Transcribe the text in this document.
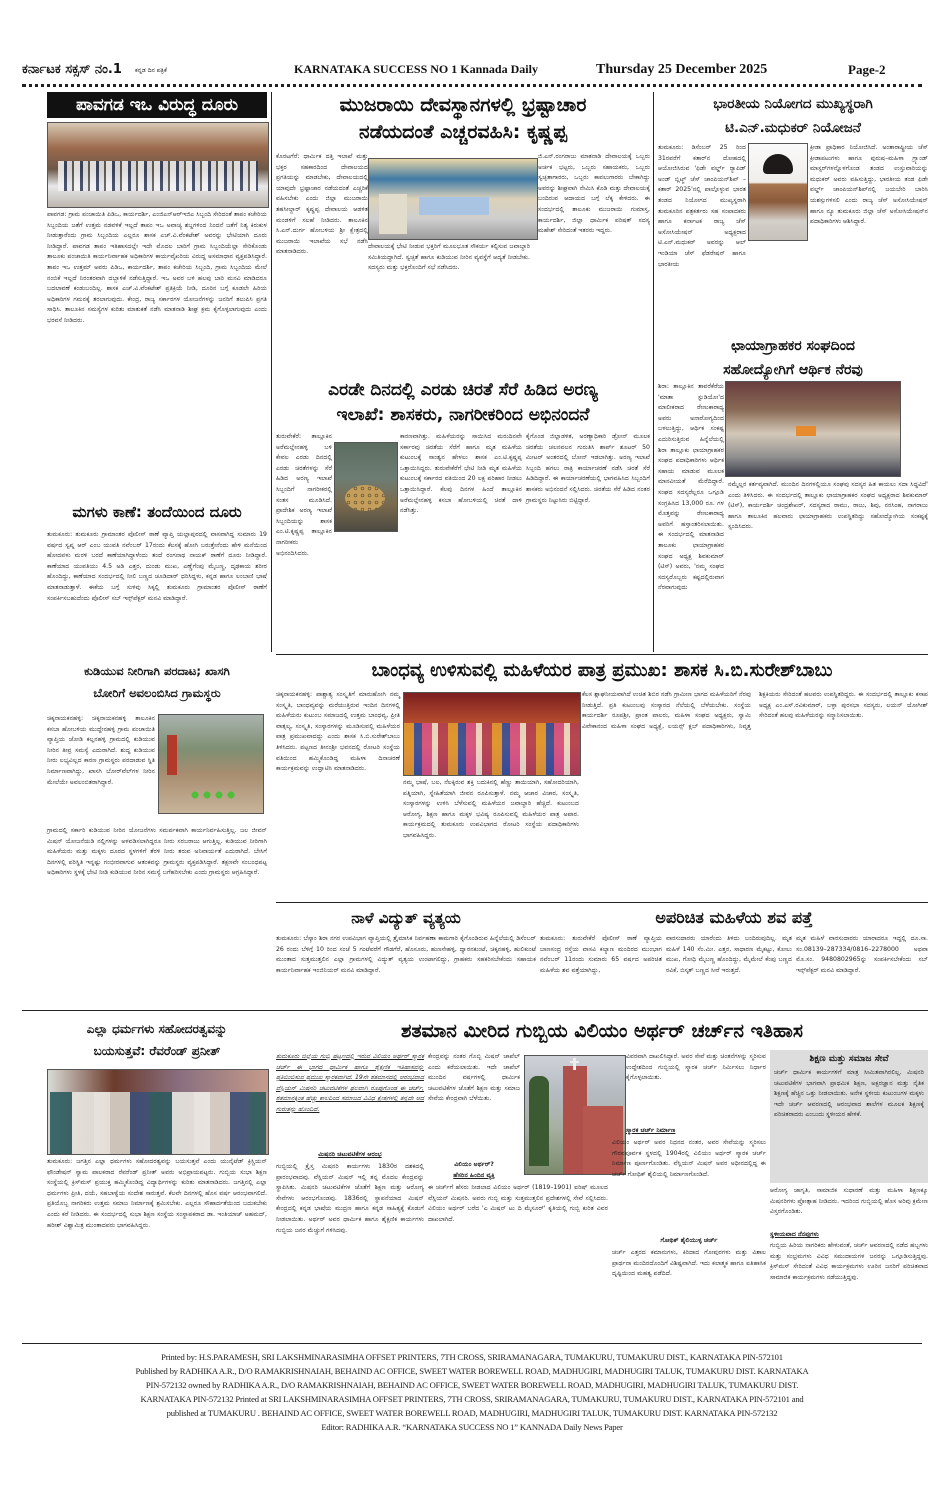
ಕರ್ನಾಟಕ ಸಕ್ಸಸ್ ನಂ.1 ಕನ್ನಡ ದಿನ ಪತ್ರಿಕೆ	KARNATAKA SUCCESS NO 1 Kannada Daily	Thursday 25 December 2025	Page-2
ಪಾವಗಡ ಇಒ ವಿರುದ್ಧ ದೂರು
ಪಾವಗಡ: ಗ್ರಾಮ ಪಂಚಾಯಿತಿ ಪಿಡಿಒ, ಕಾರ್ಯದರ್ಶಿ, ಎಂಜಿಎನ್‌ಆರ್‌ಇಜಿಎ ಸಿಬ್ಬಂದಿ ಸೇರಿದಂತೆ ತಾಪಂ ಕಚೇರಿಯ ಸಿಬ್ಬಂದಿಯ ಜತೆಗೆ ಉತ್ತಮ ನಡವಳಿಕೆ ಇಲ್ಲದೆ ತಾಪಂ ಇಒ ಅವಾಚ್ಯ ಶಬ್ದಗಳಿಂದ ನಿಂದನೆ ಜತೆಗೆ ನಿತ್ಯ ಕಿರುಕುಳ ನೀಡುತ್ತಾರೆಂದು ಗ್ರಾಮ ಸಿಬ್ಬಂದಿಯ ಎಲ್ಲರೂ ಶಾಸಕ ಎಚ್.ವಿ.ವೆಂಕಟೇಶ್ ಅವರನ್ನು ಭೇಟಿಯಾಗಿ ದೂರು ನೀಡಿದ್ದಾರೆ. ಪಾವಗಡ ತಾಪಂ ಇತಿಹಾಸದಲ್ಲೇ ಇದೇ ಮೊದಲ ಬಾರಿಗೆ ಗ್ರಾಮ ಸಿಬ್ಬಂದಿಯೆಲ್ಲಾ ಸೇರಿಕೊಂಡು ತಾಲೂಕು ಪಂಚಾಯಿತಿ ಕಾರ್ಯನಿರ್ವಾಹಕ ಅಧಿಕಾರಿಗಳ ಕಾರ್ಯವೈಖರಿಯ ವಿರುದ್ಧ ಅಸಮಾಧಾನ ವ್ಯಕ್ತಪಡಿಸಿದ್ದಾರೆ. ತಾಪಂ ಇಒ ಉತ್ತಮ್ ಅವರು ಪಿಡಿಒ, ಕಾರ್ಯದರ್ಶಿ, ತಾಪಂ ಕಚೇರಿಯ ಸಿಬ್ಬಂದಿ, ಗ್ರಾಮ ಸಿಬ್ಬಂದಿಯ ಮೇಲೆ ನಂಬಿಕೆ ಇಲ್ಲದೆ ನಿರಂತರವಾಗಿ ದಬ್ಬಾಳಿಕೆ ನಡೆಸುತ್ತಿದ್ದಾರೆ. ಇಒ ಅವರ ಬಳಿ ಹಲವು ಬಾರಿ ಮನವಿ ಮಾಡಿದರೂ ಬದಲಾವಣೆ ಕಂಡುಬಂದಿಲ್ಲ. ಶಾಸಕ ಎಚ್.ವಿ.ವೆಂಕಟೇಶ್ ಪ್ರತಿಕ್ರಿಯೆ ನೀಡಿ, ದೂರಿನ ಬಗ್ಗೆ ಕೂಡಲೇ ಹಿರಿಯ ಅಧಿಕಾರಿಗಳ ಗಮನಕ್ಕೆ ತರಲಾಗುವುದು. ಕೇಂದ್ರ, ರಾಜ್ಯ ಸರ್ಕಾರಗಳ ಯೋಜನೆಗಳನ್ನು ಜನರಿಗೆ ತಲುಪಿಸಿ ಪ್ರಗತಿ ಸಾಧಿಸಿ. ತಾಲೂಕಿನ ಸಮಸ್ಯೆಗಳ ಕುರಿತು ಮಾತುಕತೆ ನಡೆಸಿ ಮಾತನಾಡಿ ಶೀಘ್ರ ಕ್ರಮ ಕೈಗೊಳ್ಳಲಾಗುವುದು ಎಂದು ಭರವಸೆ ನೀಡಿದರು.
ಮಗಳು ಕಾಣೆ: ತಂದೆಯಿಂದ ದೂರು
ತುಮಕೂರು: ತುಮಕೂರು ಗ್ರಾಮಾಂತರ ಪೊಲೀಸ್ ಠಾಣೆ ವ್ಯಾಪ್ತಿ ಯಲ್ಲಾಪುರದಲ್ಲಿ ವಾಸವಾಗಿದ್ದ ಸುಮಾರು 19 ವರ್ಷದ ಸ್ವಪ್ನ ಆರ್ ಎಂಬ ಯುವತಿ ನವೆಂಬರ್ 17ರಂದು ಕೆಲಸಕ್ಕೆ ಹೋಗಿ ಬರುತ್ತೇನೆಂದು ಹೇಳಿ ಮನೆಯಿಂದ ಹೋದವಳು ಮರಳಿ ಬರದೆ ಕಾಣೆಯಾಗಿದ್ದಾಳೆಂದು ತಂದೆ ರಂಗನಾಥ ನಾಯಕ್ ಠಾಣೆಗೆ ದೂರು ನೀಡಿದ್ದಾರೆ. ಕಾಣೆಯಾದ ಯುವತಿಯು 4.5 ಅಡಿ ಎತ್ತರ, ದುಂಡು ಮುಖ, ಎಣ್ಣೆಗೆಂಪು ಮೈಬಣ್ಣ, ದೃಢಕಾಯ ಶರೀರ ಹೊಂದಿದ್ದು, ಕಾಣೆಯಾದ ಸಂದರ್ಭದಲ್ಲಿ ನೀಲಿ ಬಣ್ಣದ ಚೂಡಿದಾರ್ ಧರಿಸಿದ್ದಳು, ಕನ್ನಡ ಹಾಗೂ ಲಂಬಾಣಿ ಭಾಷೆ ಮಾತನಾಡುತ್ತಾಳೆ. ಈಕೆಯ ಬಗ್ಗೆ ಸುಳಿವು ಸಿಕ್ಕಲ್ಲಿ ತುಮಕೂರು ಗ್ರಾಮಾಂತರ ಪೊಲೀಸ್ ಠಾಣೆಗೆ ಸಂಪರ್ಕಿಸಬಹುದೆಂದು ಪೊಲೀಸ್ ಸಬ್ ಇನ್ಸ್‌ಪೆಕ್ಟರ್ ಮನವಿ ಮಾಡಿದ್ದಾರೆ.
ಕುಡಿಯುವ ನೀರಿಗಾಗಿ ಪರದಾಟ; ಖಾಸಗಿ
ಬೋರಿಗೆ ಅವಲಂಬಿಸಿದ ಗ್ರಾಮಸ್ಥರು
ಚಿಕ್ಕನಾಯಕನಹಳ್ಳಿ: ಚಿಕ್ಕನಾಯಕನಹಳ್ಳಿ ತಾಲೂಕಿನ ಕಸಬಾ ಹೋಬಳಿಯ ಮುದ್ದೇನಹಳ್ಳಿ ಗ್ರಾಮ ಪಂಚಾಯಿತಿ ವ್ಯಾಪ್ತಿಯ ಜೋಡಿ ಕಲ್ಲನಹಳ್ಳಿ ಗ್ರಾಮದಲ್ಲಿ ಕುಡಿಯುವ ನೀರಿನ ತೀವ್ರ ಸಮಸ್ಯೆ ಎದುರಾಗಿದೆ. ಶುದ್ಧ ಕುಡಿಯುವ ನೀರು ಲಭ್ಯವಿಲ್ಲದ ಕಾರಣ ಗ್ರಾಮಸ್ಥರು ಪರದಾಡುವ ಸ್ಥಿತಿ ನಿರ್ಮಾಣವಾಗಿದ್ದು, ಖಾಸಗಿ ಬೋರ್‌ವೆಲ್‌ಗಳ ನೀರಿನ ಮೇಲೆಯೇ ಅವಲಂಬಿತರಾಗಿದ್ದಾರೆ.
ಗ್ರಾಮದಲ್ಲಿ ಸರ್ಕಾರಿ ಕುಡಿಯುವ ನೀರಿನ ಯೋಜನೆಗಳು ಸಮರ್ಪಕವಾಗಿ ಕಾರ್ಯನಿರ್ವಹಿಸುತ್ತಿಲ್ಲ. ಜಲ ಜೀವನ್ ಮಿಷನ್ ಯೋಜನೆಯಡಿ ನಲ್ಲಿಗಳನ್ನು ಅಳವಡಿಸಲಾಗಿದ್ದರೂ ನೀರು ಸರಬರಾಜು ಆಗುತ್ತಿಲ್ಲ. ಕುಡಿಯುವ ನೀರಿಗಾಗಿ ಮಹಿಳೆಯರು ಮತ್ತು ಮಕ್ಕಳು ದೂರದ ಸ್ಥಳಗಳಿಗೆ ತೆರಳಿ ನೀರು ತರುವ ಅನಿವಾರ್ಯತೆ ಎದುರಾಗಿದೆ. ಬೇಸಿಗೆ ದಿನಗಳಲ್ಲಿ ಪರಿಸ್ಥಿತಿ ಇನ್ನಷ್ಟು ಗಂಭೀರವಾಗುವ ಆತಂಕವನ್ನು ಗ್ರಾಮಸ್ಥರು ವ್ಯಕ್ತಪಡಿಸಿದ್ದಾರೆ. ತಕ್ಷಣವೇ ಸಂಬಂಧಪಟ್ಟ ಅಧಿಕಾರಿಗಳು ಸ್ಥಳಕ್ಕೆ ಭೇಟಿ ನೀಡಿ ಕುಡಿಯುವ ನೀರಿನ ಸಮಸ್ಯೆ ಬಗೆಹರಿಸಬೇಕು ಎಂದು ಗ್ರಾಮಸ್ಥರು ಆಗ್ರಹಿಸಿದ್ದಾರೆ.
ಎಲ್ಲಾ ಧರ್ಮಗಳು ಸಹೋದರತ್ವವನ್ನು
ಬಯಸುತ್ತವೆ: ರೆವರೆಂಡ್ ಪ್ರನೀತ್
ತುಮಕೂರು: ಜಗತ್ತಿನ ಎಲ್ಲಾ ಧರ್ಮಗಳು ಸಹೋದರತ್ವವನ್ನು ಬಯಸುತ್ತವೆ ಎಂದು ಯುನೈಟೆಡ್ ಕ್ರಿಸ್ಚಿಯನ್ ಫೌಂಡೇಷನ್ ಸ್ವಾಮ ಪಾಲಕರಾದ ರೆವರೆಂಡ್ ಪ್ರನೀತ್ ಅವರು ಅಭಿಪ್ರಾಯಪಟ್ಟರು. ಗುಬ್ಬಿಯ ಸುಭಾ ಶಿಕ್ಷಣ ಸಂಸ್ಥೆಯಲ್ಲಿ ಕ್ರಿಸ್‌ಮಸ್ ಪ್ರಯುಕ್ತ ಹಮ್ಮಿಕೊಂಡಿದ್ದ ವಿದ್ಯಾರ್ಥಿಗಳನ್ನು ಕುರಿತು ಮಾತನಾಡಿದರು. ಜಗತ್ತಿನಲ್ಲಿ ಎಲ್ಲಾ ಧರ್ಮಗಳು ಪ್ರೀತಿ, ದಯೆ, ಸಹಬಾಳ್ವೆಯ ಸಂದೇಶ ಸಾರುತ್ತವೆ. ಕೆಲವೇ ದಿನಗಳಲ್ಲಿ ಹೊಸ ವರ್ಷ ಆರಂಭವಾಗಲಿದೆ. ಪ್ರತಿಯೊಬ್ಬ ನಾಗರಿಕರು ಉತ್ತಮ ಸಮಾಜ ನಿರ್ಮಾಣಕ್ಕೆ ಶ್ರಮಿಸಬೇಕು. ಎಲ್ಲರೂ ಸೌಹಾರ್ದತೆಯಿಂದ ಬದುಕಬೇಕು ಎಂದು ಕರೆ ನೀಡಿದರು. ಈ ಸಂದರ್ಭದಲ್ಲಿ ಸುಭಾ ಶಿಕ್ಷಣ ಸಂಸ್ಥೆಯ ಸಂಸ್ಥಾಪಕರಾದ ಡಾ. ಇಂತಿಯಾಜ್ ಅಹಮದ್, ಹರೀಶ್ ವಿಶ್ವಾಮಿತ್ರ ಮುಂತಾದವರು ಭಾಗವಹಿಸಿದ್ದರು.
ಮುಜರಾಯಿ ದೇವಸ್ಥಾನಗಳಲ್ಲಿ ಭ್ರಷ್ಟಾಚಾರ
ನಡೆಯದಂತೆ ಎಚ್ಚರವಹಿಸಿ: ಕೃಷ್ಣಪ್ಪ
ಕೊರಟಗೆರೆ: ಧಾರ್ಮಿಕ ದತ್ತಿ ಇಲಾಖೆ ಮತ್ತು ಭಕ್ತರ ಸಹಕಾರದಿಂದ ದೇವಾಲಯದ ಪ್ರಗತಿಯನ್ನು ಮಾಡಬೇಕು, ದೇವಾಲಯದಲ್ಲಿ ಯಾವುದೇ ಭ್ರಷ್ಟಾಚಾರ ನಡೆಯದಂತೆ ಎಚ್ಚರಿಕೆ ವಹಿಸಬೇಕು ಎಂದು ಜಿಲ್ಲಾ ಮುಜರಾಯಿ ತಹಸೀಲ್ದಾರ್ ಕೃಷ್ಣಪ್ಪ ದೇವಾಲಯ ಆಡಳಿತ ಮಂಡಳಿಗೆ ಸಲಹೆ ನೀಡಿದರು. ತಾಲೂಕಿನ ಸಿ.ಎನ್.ದುರ್ಗ ಹೋಬಳಿಯ ಶ್ರೀ ಕ್ಷೇತ್ರದಲ್ಲಿ ಮುಜರಾಯಿ ಇಲಾಖೆಯ ಸಭೆ ನಡೆಸಿ ಮಾತನಾಡಿದರು.
ದೇವಾಲಯಕ್ಕೆ ಭೇಟಿ ನೀಡುವ ಭಕ್ತರಿಗೆ ಮೂಲಭೂತ ಸೌಕರ್ಯ ಕಲ್ಪಿಸುವ ಜವಾಬ್ದಾರಿ ಸಮಿತಿಯದ್ದಾಗಿದೆ. ಸ್ವಚ್ಛತೆ ಹಾಗೂ ಕುಡಿಯುವ ನೀರಿನ ವ್ಯವಸ್ಥೆಗೆ ಆದ್ಯತೆ ನೀಡಬೇಕು. ಸದಸ್ಯರು ಮತ್ತು ಭಕ್ತರೊಂದಿಗೆ ಸಭೆ ನಡೆಸಿದರು.
ಜಿ.ಎನ್.ರಂಗರಾಜು ಮಾತನಾಡಿ ದೇವಾಲಯಕ್ಕೆ ಒಬ್ಬರು ಅರ್ಚಕ ಭಟ್ಟರು, ಒಬ್ಬರು ಸಹಾಯಕರು, ಒಬ್ಬರು ಸ್ವಚ್ಛತಾಗಾರರು, ಒಬ್ಬರು ಕಾವಲುಗಾರರು ಬೇಕಾಗಿದ್ದು ಅವರನ್ನು ಶೀಘ್ರವಾಗಿ ನೇಮಿಸಿ ಕೊಡಿ ಮತ್ತು ದೇವಾಲಯಕ್ಕೆ ಬಂದಿರುವ ಆದಾಯದ ಬಗ್ಗೆ ಲೆಕ್ಕ ಕೇಳಿದರು. ಈ ಸಂದರ್ಭದಲ್ಲಿ ತಾಲೂಕು ಮುಜರಾಯಿ ಗುಮಾಸ್ತ, ಕಾರ್ಯದರ್ಶಿ, ಜಿಲ್ಲಾ ಧಾರ್ಮಿಕ ಪರಿಷತ್ ಸದಸ್ಯ ಮಹೇಶ್ ಸೇರಿದಂತೆ ಇತರರು ಇದ್ದರು.
ಎರಡೇ ದಿನದಲ್ಲಿ ಎರಡು ಚಿರತೆ ಸೆರೆ ಹಿಡಿದ ಅರಣ್ಯ
ಇಲಾಖೆ: ಶಾಸಕರು, ನಾಗರೀಕರಿಂದ ಅಭಿನಂದನೆ
ತುರುವೇಕೆರೆ: ತಾಲ್ಲೂಕಿನ ಅರೆಮಲ್ಲೇನಹಳ್ಳಿ ಬಳಿ ಕೇವಲ ಎರಡು ದಿನದಲ್ಲಿ ಎರಡು ಚಿರತೆಗಳನ್ನು ಸೆರೆ ಹಿಡಿದ ಅರಣ್ಯ ಇಲಾಖೆ ಸಿಬ್ಬಂದಿಗೆ ನಾಗರೀಕರಲ್ಲಿ ಸಂತಸ ಮೂಡಿಸಿದೆ. ಪ್ರಾದೇಶಿಕ ಅರಣ್ಯ ಇಲಾಖೆ ಸಿಬ್ಬಂದಿಯನ್ನು ಶಾಸಕ ಎಂ.ಟಿ.ಕೃಷ್ಣಪ್ಪ ತಾಲ್ಲೂಕಿನ ನಾಗರೀಕರು ಅಭಿನಂದಿಸಿದರು.
ಕಾರಣವಾಗಿತ್ತು. ಮಹಿಳೆಯರನ್ನು ಸಾಯಿಸಿದ ಮರುದಿನವೇ ಸರ್ಕಾರವು ಚಿರತೆಯ ಸೆರೆಗೆ ಹಾಗೂ ಮೃತ ಮಹಿಳೆಯ ಕುಟುಂಬಕ್ಕೆ ಸಾಂತ್ವನ ಹೇಳಲು ಶಾಸಕ ಎಂ.ಟಿ.ಕೃಷ್ಣಪ್ಪ ಒತ್ತಾಯಿಸಿದ್ದರು. ತುರುವೇಕೆರೆಗೆ ಭೇಟಿ ನೀಡಿ ಮೃತ ಮಹಿಳೆಯ ಕುಟುಂಬಕ್ಕೆ ಸರ್ಕಾರದ ವತಿಯಿಂದ 20 ಲಕ್ಷ ಪರಿಹಾರ ನೀಡಲು ಒತ್ತಾಯಿಸಿದ್ದಾರೆ. ಕೆಲವು ದಿನಗಳ ಹಿಂದೆ ತಾಲ್ಲೂಕಿನ ಅರೆಮಲ್ಲೇನಹಳ್ಳಿ ಕಸಬಾ ಹೋಬಳಿಯಲ್ಲಿ ಚಿರತೆ ದಾಳಿ ನಡೆಸಿತ್ತು.
ಕೈಗೊಂಡ ಜಿಲ್ಲಾಡಳಿತ, ಅರಣ್ಯಾಧಿಕಾರಿ ಡ್ರೋನ್ ಮೂಲಕ ಚಿರತೆಯ ಚಲನವಲನ ಗುರುತಿಸಿ ಶಾರ್ಪ್ ಶೂಟರ್ 50 ಮೀಟರ್ ಅಂತರದಲ್ಲಿ ಬೋನ್ ಇಡಲಾಗಿತ್ತು. ಅರಣ್ಯ ಇಲಾಖೆ ಸಿಬ್ಬಂದಿ ಹಗಲು ರಾತ್ರಿ ಕಾರ್ಯಾಚರಣೆ ನಡೆಸಿ ಚಿರತೆ ಸೆರೆ ಹಿಡಿದಿದ್ದಾರೆ. ಈ ಕಾರ್ಯಾಚರಣೆಯಲ್ಲಿ ಭಾಗವಹಿಸಿದ ಸಿಬ್ಬಂದಿಗೆ ಶಾಸಕರು ಅಭಿನಂದನೆ ಸಲ್ಲಿಸಿದರು. ಚಿರತೆಯ ಸೆರೆ ಹಿಡಿದ ನಂತರ ಗ್ರಾಮಸ್ಥರು ನಿಟ್ಟುಸಿರು ಬಿಟ್ಟಿದ್ದಾರೆ.
ಭಾರತೀಯ ನಿಯೋಗದ ಮುಖ್ಯಸ್ಥರಾಗಿ
ಟಿ.ಎನ್.ಮಧುಕರ್ ನಿಯೋಜನೆ
ತುಮಕೂರು: ಡಿಸೆಂಬರ್ 25 ರಿಂದ 31ರವರೆಗೆ ಕತಾರ್‌ನ ದೋಹದಲ್ಲಿ ಆಯೋಜಿಸಿರುವ 'ಫಿಡೇ ವರ್ಲ್ಡ್ ರ್‍ಯಾಪಿಡ್ ಅಂಡ್ ಬ್ಲಿಟ್ಜ್ ಚೆಸ್ ಚಾಂಪಿಯನ್‌ಶಿಪ್ – ಕತಾರ್ 2025'ನಲ್ಲಿ ಪಾಲ್ಗೊಳ್ಳುವ ಭಾರತ ತಂಡದ ನಿಯೋಗದ ಮುಖ್ಯಸ್ಥರಾಗಿ ತುಮಕೂರಿನ ಪತ್ರಕರ್ತರು ಸಹ ಸಂಪಾದಕರು ಹಾಗೂ ಕರ್ನಾಟಕ ರಾಜ್ಯ ಚೆಸ್ ಅಸೋಸಿಯೇಷನ್ ಅಧ್ಯಕ್ಷರಾದ ಟಿ.ಎನ್.ಮಧುಕರ್ ಅವರನ್ನು ಆಲ್ ಇಂಡಿಯಾ ಚೆಸ್ ಫೆಡರೇಷನ್ ಹಾಗೂ ಭಾರತೀಯ
ಕ್ರೀಡಾ ಪ್ರಾಧಿಕಾರ ನಿಯೋಜಿಸಿದೆ. ಅಂತಾರಾಷ್ಟ್ರೀಯ ಚೆಸ್ ಕ್ರೀಡಾಪಟುಗಳು ಹಾಗೂ ಪುರುಷ–ಮಹಿಳಾ ಗ್ರ್ಯಾಂಡ್ ಮಾಸ್ಟರ್‌ಗಳನ್ನೊಳಗೊಂಡ ತಂಡದ ಉಸ್ತುವಾರಿಯನ್ನು ಮಧುಕರ್ ಅವರು ವಹಿಸುತ್ತಿದ್ದು, ಭಾರತೀಯ ತಂಡ ಫಿಡೇ ವರ್ಲ್ಡ್ ಚಾಂಪಿಯನ್‌ಶಿಪ್‌ನಲ್ಲಿ ಜಯಬೇರಿ ಬಾರಿಸಿ ಯಶಸ್ಸುಗಳಿಸಲಿ ಎಂದು ರಾಜ್ಯ ಚೆಸ್ ಅಸೋಸಿಯೇಷನ್ ಹಾಗೂ ನ್ಯೂ ತುಮಕೂರು ಜಿಲ್ಲಾ ಚೆಸ್ ಅಸೋಸಿಯೇಷನ್‌ನ ಪದಾಧಿಕಾರಿಗಳು ಆಶಿಸಿದ್ದಾರೆ.
ಛಾಯಾಗ್ರಾಹಕರ ಸಂಘದಿಂದ
ಸಹೋದ್ಯೋಗಿಗೆ ಆರ್ಥಿಕ ನೆರವು
ಶಿರಾ: ತಾಲ್ಲೂಕಿನ ತಾವರೆಕೆರೆಯ 'ಮಾತಾ ಸ್ಟುಡಿಯೋ'ದ ಮಾಲೀಕರಾದ ರೇಣುಕಾರಾಧ್ಯ ಅವರು ಅನಾರೋಗ್ಯದಿಂದ ಬಳಲುತ್ತಿದ್ದು, ಆರ್ಥಿಕ ಸಂಕಷ್ಟ ಎದುರಿಸುತ್ತಿರುವ ಹಿನ್ನೆಲೆಯಲ್ಲಿ ಶಿರಾ ತಾಲ್ಲೂಕು ಛಾಯಾಗ್ರಾಹಕರ ಸಂಘದ ಪದಾಧಿಕಾರಿಗಳು ಆರ್ಥಿಕ ಸಹಾಯ ಮಾಡುವ ಮೂಲಕ ಮಾನವೀಯತೆ ಮೆರೆದಿದ್ದಾರೆ. ಸಂಘದ ಸದಸ್ಯರೆಲ್ಲರೂ ಒಗ್ಗೂಡಿ ಸಂಗ್ರಹಿಸಿದ 13,000 ರೂ. ಗಳ ಮೊತ್ತವನ್ನು ರೇಣುಕಾರಾಧ್ಯ ಅವರಿಗೆ ಹಸ್ತಾಂತರಿಸಲಾಯಿತು. ಈ ಸಂದರ್ಭದಲ್ಲಿ ಮಾತನಾಡಿದ ತಾಲೂಕು ಛಾಯಾಗ್ರಾಹಕರ ಸಂಘದ ಅಧ್ಯಕ್ಷ ಶಿವಕುಮಾರ್ (ಟಿಸ್) ಅವರು, 'ನಮ್ಮ ಸಂಘದ ಸದಸ್ಯರೊಬ್ಬರು ಕಷ್ಟದಲ್ಲಿರುವಾಗ ನೆರವಾಗುವುದು
ನಮ್ಮೆಲ್ಲರ ಕರ್ತವ್ಯವಾಗಿದೆ. ಮುಂದಿನ ದಿನಗಳಲ್ಲಿಯೂ ಸಂಘವು ಸದಸ್ಯರ ಹಿತ ಕಾಯಲು ಸದಾ ಸಿದ್ಧವಿದೆ' ಎಂದು ತಿಳಿಸಿದರು. ಈ ಸಂದರ್ಭದಲ್ಲಿ ತಾಲ್ಲೂಕು ಛಾಯಾಗ್ರಾಹಕರ ಸಂಘದ ಅಧ್ಯಕ್ಷರಾದ ಶಿವಕುಮಾರ್ (ಟಿಸ್), ಕಾರ್ಯದರ್ಶಿ ಚಂದ್ರಶೇಖರ್, ಸದಸ್ಯರಾದ ರಾಮು, ರಾಜು, ಶಿವು, ನರಸಿಂಹ, ನಾಗರಾಜು ಹಾಗೂ ತಾಲೂಕಿನ ಹಲವಾರು ಛಾಯಾಗ್ರಾಹಕರು ಉಪಸ್ಥಿತರಿದ್ದು ಸಹೋದ್ಯೋಗಿಯ ಸಂಕಷ್ಟಕ್ಕೆ ಸ್ಪಂದಿಸಿದರು.
ಬಾಂಧವ್ಯ ಉಳಿಸುವಲ್ಲಿ ಮಹಿಳೆಯರ ಪಾತ್ರ ಪ್ರಮುಖ: ಶಾಸಕ ಸಿ.ಬಿ.ಸುರೇಶ್‌ಬಾಬು
ಚಿಕ್ಕನಾಯಕನಹಳ್ಳಿ: ಪಾಶ್ಚಾತ್ಯ ಸಂಸ್ಕೃತಿಗೆ ಮಾರುಹೋಗಿ ನಮ್ಮ ಸಂಸ್ಕೃತಿ, ಬಾಂಧವ್ಯವನ್ನು ಮರೆಯುತ್ತಿರುವ ಇಂದಿನ ದಿನಗಳಲ್ಲಿ ಮಹಿಳೆಯರು ಕುಟುಂಬ ಸಮಾಜದಲ್ಲಿ ಉತ್ತಮ ಬಾಂಧವ್ಯ, ಪ್ರೀತಿ ವಾತ್ಸಲ್ಯ, ಸಂಸ್ಕೃತಿ, ಸಂಸ್ಕಾರಗಳನ್ನು ಮೂಡಿಸುವಲ್ಲಿ ಮಹಿಳೆಯರ ಪಾತ್ರ ಪ್ರಮುಖವಾದದ್ದು ಎಂದು ಶಾಸಕ ಸಿ.ಬಿ.ಸುರೇಶ್‌ಬಾಬು ತಿಳಿಸಿದರು. ಪಟ್ಟಣದ ತೀನಂಶ್ರೀ ಭವನದಲ್ಲಿ ರೋಟರಿ ಸಂಸ್ಥೆಯ ವತಿಯಿಂದ ಹಮ್ಮಿಕೊಂಡಿದ್ದ ಮಹಿಳಾ ದಿನಾಚರಣೆ ಕಾರ್ಯಕ್ರಮವನ್ನು ಉದ್ಘಾಟಿಸಿ ಮಾತನಾಡಿದರು.
ನಮ್ಮ ಭಾಷೆ, ಬಲ, ನೆಲಕ್ಕಿರುವ ಶಕ್ತಿ ಬದುಕಿನಲ್ಲಿ ಹೆಣ್ಣು ತಾಯಿಯಾಗಿ, ಸಹೋದರಿಯಾಗಿ, ಪತ್ನಿಯಾಗಿ, ಸ್ನೇಹಿತೆಯಾಗಿ ಜೀವನ ರೂಪಿಸುತ್ತಾಳೆ. ನಮ್ಮ ಆಚಾರ ವಿಚಾರ, ಸಂಸ್ಕೃತಿ, ಸಂಸ್ಕಾರಗಳನ್ನು ಉಳಿಸಿ ಬೆಳೆಸುವಲ್ಲಿ ಮಹಿಳೆಯರ ಜವಾಬ್ದಾರಿ ಹೆಚ್ಚಿದೆ. ಕುಟುಂಬದ ಆರೋಗ್ಯ, ಶಿಕ್ಷಣ ಹಾಗೂ ಮಕ್ಕಳ ಭವಿಷ್ಯ ರೂಪಿಸುವಲ್ಲಿ ಮಹಿಳೆಯರ ಪಾತ್ರ ಅಪಾರ. ಕಾರ್ಯಕ್ರಮದಲ್ಲಿ ತುಮಕೂರು ಉಪವಿಭಾಗದ ರೋಟರಿ ಸಂಸ್ಥೆಯ ಪದಾಧಿಕಾರಿಗಳು ಭಾಗವಹಿಸಿದ್ದರು.
ಕೆಲಸ ಶ್ಲಾಘನೀಯವಾಗಿದೆ ಉಚಿತ ಶಿಬಿರ ನಡೆಸಿ ಗ್ರಾಮೀಣ ಭಾಗದ ಮಹಿಳೆಯರಿಗೆ ನೆರವು ನೀಡುತ್ತಿದೆ. ಪ್ರತಿ ಕುಟುಂಬವು ಸಂಸ್ಕಾರದ ನೆಲೆಯಲ್ಲಿ ಬೆಳೆಯಬೇಕು. ಸಂಸ್ಥೆಯ ಕಾರ್ಯದರ್ಶಿ ರೂಪಶ್ರೀ, ಪ್ರಾಂತ ಪಾಲರು, ಮಹಿಳಾ ಸಂಘದ ಅಧ್ಯಕ್ಷರು, ಸ್ವಾಮಿ ವಿವೇಕಾನಂದ ಮಹಿಳಾ ಸಂಘದ ಅಧ್ಯಕ್ಷೆ, ಲಯನ್ಸ್ ಕ್ಲಬ್ ಪದಾಧಿಕಾರಿಗಳು, ನಿವೃತ್ತ ಶಿಕ್ಷಕಿಯರು ಸೇರಿದಂತೆ ಹಲವರು ಉಪಸ್ಥಿತರಿದ್ದರು. ಈ ಸಂದರ್ಭದಲ್ಲಿ ತಾಲ್ಲೂಕು ಕಸಾಪ ಅಧ್ಯಕ್ಷ ಎಂ.ಎಸ್.ರವಿಕುಮಾರ್, ಬಳ್ಳಾ ಪುರಸಭಾ ಸದಸ್ಯರು, ಲಯನ್ ಯೋಗೀಶ್ ಸೇರಿದಂತೆ ಹಲವು ಮಹಿಳೆಯರನ್ನು ಸನ್ಮಾನಿಸಲಾಯಿತು.
ನಾಳೆ ವಿದ್ಯುತ್ ವ್ಯತ್ಯಯ
ತುಮಕೂರು: ಬೆಸ್ಕಾಂ ಶಿರಾ ನಗರ ಉಪವಿಭಾಗ ವ್ಯಾಪ್ತಿಯಲ್ಲಿ ತ್ರೈಮಾಸಿಕ ನಿರ್ವಹಣಾ ಕಾಮಗಾರಿ ಕೈಗೊಂಡಿರುವ ಹಿನ್ನೆಲೆಯಲ್ಲಿ ಡಿಸೆಂಬರ್ 26 ರಂದು ಬೆಳಿಗ್ಗೆ 10 ರಿಂದ ಸಂಜೆ 5 ಗಂಟೆವರೆಗೆ ಗೌಡಗೆರೆ, ಹೊಸೂರು, ಹುಣಸೇಹಳ್ಳಿ, ದ್ವಾರನಕುಂಟೆ, ಚಿಕ್ಕನಹಳ್ಳಿ, ಹುಲಿಕುಂಟೆ ಮುಂತಾದ ಸುತ್ತಮುತ್ತಲಿನ ಎಲ್ಲಾ ಗ್ರಾಮಗಳಲ್ಲಿ ವಿದ್ಯುತ್ ವ್ಯತ್ಯಯ ಉಂಟಾಗಲಿದ್ದು, ಗ್ರಾಹಕರು ಸಹಕರಿಸಬೇಕೆಂದು ಸಹಾಯಕ ಕಾರ್ಯನಿರ್ವಾಹಕ ಇಂಜಿನಿಯರ್ ಮನವಿ ಮಾಡಿದ್ದಾರೆ.
ಅಪರಿಚಿತ ಮಹಿಳೆಯ ಶವ ಪತ್ತೆ
ತುಮಕೂರು: ತುರುವೇಕೆರೆ ಪೊಲೀಸ್ ಠಾಣೆ ವ್ಯಾಪ್ತಿಯ ಬಾಣಸಂದ್ರ ರಸ್ತೆಯ ವಾಸವಿ ಕಲ್ಯಾಣ ಮಂದಿರದ ಮುಂಭಾಗ ನವೆಂಬರ್ 11ರಂದು ಸುಮಾರು 65 ವರ್ಷದ ಅಪರಿಚಿತ ಮಹಿಳೆಯ ಶವ ಪತ್ತೆಯಾಗಿದ್ದು,
ವಾರಸುದಾರರು ಯಾರೆಂದು ತಿಳಿದು ಬಂದಿರುವುದಿಲ್ಲ. ಮೃತ ಮಹಿಳೆ 140 ಸೆಂ.ಮೀ. ಎತ್ತರ, ಸಾಧಾರಣ ಮೈಕಟ್ಟು, ಕೋಲು ಮುಖ, ಗೋಧಿ ಮೈಬಣ್ಣ ಹೊಂದಿದ್ದು, ಮೈಮೇಲೆ ಕೆಂಪು ಬಣ್ಣದ ರವಿಕೆ, ಬಿಸ್ಕತ್ ಬಣ್ಣದ ಸೀರೆ ಇರುತ್ತದೆ.
ಮೃತ ಮಹಿಳೆ ವಾರಸುದಾರರು ಯಾರಾದರೂ ಇದ್ದಲ್ಲಿ ದೂ.ಸಾ. ಸಂ.08139–287334/0816–2278000 ಅಥವಾ ಮೊ.ಸಂ. 9480802965ನ್ನು ಸಂಪರ್ಕಿಸಬೇಕೆಂದು ಸಬ್ ಇನ್ಸ್‌ಪೆಕ್ಟರ್ ಮನವಿ ಮಾಡಿದ್ದಾರೆ.
ಶತಮಾನ ಮೀರಿದ ಗುಬ್ಬಿಯ ವಿಲಿಯಂ ಅರ್ಥರ್ ಚರ್ಚ್‌ನ ಇತಿಹಾಸ
ತುಮಕೂರು ಜಿಲ್ಲೆಯ ಗುಬ್ಬಿ ಪಟ್ಟಣದಲ್ಲಿ ಇರುವ ವಿಲಿಯಂ ಅರ್ಥರ್ ಸ್ಮಾರಕ ಚರ್ಚ್ ಈ ಭಾಗದ ಧಾರ್ಮಿಕ ಹಾಗೂ ಶೈಕ್ಷಣಿಕ ಇತಿಹಾಸವನ್ನು ಪ್ರತಿಬಿಂಬಿಸುವ ಪ್ರಮುಖ ಸ್ಮಾರಕವಾಗಿದೆ. 19ನೇ ಶತಮಾನದಲ್ಲಿ ಆರಂಭವಾದ ವೆಸ್ಲಿಯನ್ ಮಿಷನರಿ ಚಟುವಟಿಕೆಗಳ ಫಲವಾಗಿ ರೂಪುಗೊಂಡ ಈ ಚರ್ಚ್, ಶತಮಾನಕ್ಕಿಂತ ಹೆಚ್ಚು ಕಾಲದಿಂದ ಸಮಾಜದ ವಿವಿಧ ಕ್ಷೇತ್ರಗಳಲ್ಲಿ ತನ್ನದೇ ಆದ ಗುರುತನ್ನು ಹೊಂದಿದೆ.
ಮಿಷನರಿ ಚಟುವಟಿಕೆಗಳ ಆರಂಭ
ಗುಬ್ಬಿಯಲ್ಲಿ ಕ್ರೈಸ್ತ ಮಿಷನರಿ ಕಾರ್ಯಗಳು 1830ರ ದಶಕದಲ್ಲಿ ಪ್ರಾರಂಭವಾದವು. ವೆಸ್ಲಿಯನ್ ಮಿಷನ್ ಇಲ್ಲಿ ತನ್ನ ಮೊದಲ ಕೇಂದ್ರವನ್ನು ಸ್ಥಾಪಿಸಿತು. ಮಿಷನರಿ ಚಟುವಟಿಕೆಗಳ ಜೊತೆಗೆ ಶಿಕ್ಷಣ ಮತ್ತು ಆರೋಗ್ಯ ಸೇವೆಗಳು ಆರಂಭಗೊಂಡವು. 1836ರಲ್ಲಿ ಸ್ಥಾಪನೆಯಾದ ಮಿಷನ್ ಕೇಂದ್ರದಲ್ಲಿ ಕನ್ನಡ ಭಾಷೆಯ ಮುದ್ರಣ ಹಾಗೂ ಕನ್ನಡ ಸಾಹಿತ್ಯಕ್ಕೆ ಕೊಡುಗೆ ನೀಡಲಾಯಿತು. ಅರ್ಥರ್ ಅವರ ಧಾರ್ಮಿಕ ಹಾಗೂ ಶೈಕ್ಷಣಿಕ ಕಾರ್ಯಗಳು ಗುಬ್ಬಿಯ ಜನರ ಮೆಚ್ಚುಗೆ ಗಳಿಸಿದವು.
ಕೇಂದ್ರವನ್ನು ನಂತರ ಗೊಬ್ಬಿ ಮಿಷನ್ ಚಾಪೆಲ್ ಎಂದು ಕರೆಯಲಾಯಿತು. ಇದೇ ಚಾಪೆಲ್ ಮುಂದಿನ ವರ್ಷಗಳಲ್ಲಿ ಧಾರ್ಮಿಕ ಚಟುವಟಿಕೆಗಳ ಜೊತೆಗೆ ಶಿಕ್ಷಣ ಮತ್ತು ಸಮಾಜ ಸೇವೆಯ ಕೇಂದ್ರವಾಗಿ ಬೆಳೆಯಿತು.
ವಿಲಿಯಂ ಅರ್ಥರ್?
ಹೆಸರಿನ ಹಿಂದಿನ ವ್ಯಕ್ತಿ
ಈ ಚರ್ಚ್‌ಗೆ ಹೆಸರು ನೀಡಲಾದ ವಿಲಿಯಂ ಅರ್ಥರ್ (1819–1901) ಐರಿಷ್ ಮೂಲದ ವೆಸ್ಲಿಯನ್ ಮಿಷನರಿ. ಅವರು ಗುಬ್ಬಿ ಮತ್ತು ಸುತ್ತಮುತ್ತಲಿನ ಪ್ರದೇಶಗಳಲ್ಲಿ ಸೇವೆ ಸಲ್ಲಿಸಿದರು. ವಿಲಿಯಂ ಅರ್ಥರ್ ಬರೆದ 'ಎ ಮಿಷನ್ ಟು ದಿ ಮೈಸೂರ್' ಕೃತಿಯಲ್ಲಿ ಗುಬ್ಬಿ ಕುರಿತ ವಿವರ ದಾಖಲಾಗಿದೆ.
ವಿವರವಾಗಿ ದಾಖಲಿಸಿದ್ದಾರೆ. ಅವರ ಸೇವೆ ಮತ್ತು ಚಿಂತನೆಗಳನ್ನು ಸ್ಮರಿಸುವ ಉದ್ದೇಶದಿಂದ ಗುಬ್ಬಿಯಲ್ಲಿ ಸ್ಮಾರಕ ಚರ್ಚ್ ನಿರ್ಮಿಸಲು ನಿರ್ಧಾರ ಕೈಗೊಳ್ಳಲಾಯಿತು.
ಸ್ಮಾರಕ ಚರ್ಚ್ ನಿರ್ಮಾಣ
ವಿಲಿಯಂ ಅರ್ಥರ್ ಅವರ ನಿಧನದ ನಂತರ, ಅವರ ಸೇವೆಯನ್ನು ಸ್ಮರಿಸಲು ಗೌರವಪೂರ್ವಕ ಸ್ಥಳದಲ್ಲಿ 1904ರಲ್ಲಿ ವಿಲಿಯಂ ಅರ್ಥರ್ ಸ್ಮಾರಕ ಚರ್ಚ್ ನಿರ್ಮಾಣ ಪೂರ್ಣಗೊಂಡಿತು. ವೆಸ್ಲಿಯನ್ ಮಿಷನ್ ಅವರ ಅಧೀನದಲ್ಲಿದ್ದ ಈ ಚರ್ಚ್ ಗೋಥಿಕ್ ಶೈಲಿಯಲ್ಲಿ ನಿರ್ಮಾಣಗೊಂಡಿದೆ.
ಗೋಥಿಕ್ ಶೈಲಿಯುಳ್ಳ ಚರ್ಚ್
ಚರ್ಚ್ ಎತ್ತರದ ಕಮಾನುಗಳು, ಕಿರಿದಾದ ಗೋಪುರಗಳು ಮತ್ತು ವಿಶಾಲ ಪ್ರಾರ್ಥನಾ ಮಂದಿರದೊಂದಿಗೆ ವಿಶಿಷ್ಟವಾಗಿದೆ. ಇದು ಕಲಾತ್ಮಕ ಹಾಗೂ ಐತಿಹಾಸಿಕ ದೃಷ್ಟಿಯಿಂದ ಮಹತ್ವ ಪಡೆದಿದೆ.
ಶಿಕ್ಷಣ ಮತ್ತು ಸಮಾಜ ಸೇವೆ
ಚರ್ಚ್ ಧಾರ್ಮಿಕ ಕಾರ್ಯಗಳಿಗೆ ಮಾತ್ರ ಸೀಮಿತವಾಗಿರಲಿಲ್ಲ. ಮಿಷನರಿ ಚಟುವಟಿಕೆಗಳ ಭಾಗವಾಗಿ ಪ್ರಾಥಮಿಕ ಶಿಕ್ಷಣ, ಅಕ್ಷರಜ್ಞಾನ ಮತ್ತು ನೈತಿಕ ಶಿಕ್ಷಣಕ್ಕೆ ಹೆಚ್ಚಿನ ಒತ್ತು ನೀಡಲಾಯಿತು. ಅನೇಕ ಸ್ಥಳೀಯ ಕುಟುಂಬಗಳ ಮಕ್ಕಳು ಇದೇ ಚರ್ಚ್ ಆವರಣದಲ್ಲಿ ಆರಂಭವಾದ ಶಾಲೆಗಳ ಮೂಲಕ ಶಿಕ್ಷಣಕ್ಕೆ ಪರಿಚಿತರಾದರು ಎಂಬುದು ಸ್ಥಳೀಯರ ಹೇಳಿಕೆ.
ಆರೋಗ್ಯ ಜಾಗೃತಿ, ಸಾಮಾಜಿಕ ಸುಧಾರಣೆ ಮತ್ತು ಮಹಿಳಾ ಶಿಕ್ಷಣಕ್ಕೂ ಮಿಷನರಿಗಳು ಪ್ರೋತ್ಸಾಹ ನೀಡಿದರು. ಇದರಿಂದ ಗುಬ್ಬಿಯಲ್ಲಿ ಹೊಸ ಅರಿವು ಕ್ರಮೇಣ ವಿಸ್ತರಗೊಂಡಿತು.
ಸ್ಥಳೀಯವಾದ ನೆನಪುಗಳು
ಗುಬ್ಬಿಯ ಹಿರಿಯ ನಾಗರಿಕರು ಹೇಳುವಂತೆ, ಚರ್ಚ್ ಆವರಣದಲ್ಲಿ ನಡೆದ ಹಬ್ಬಗಳು ಮತ್ತು ಸಂಭ್ರಮಗಳು ವಿವಿಧ ಸಮುದಾಯಗಳ ಜನರನ್ನು ಒಗ್ಗೂಡಿಸುತ್ತಿದ್ದವು. ಕ್ರಿಸ್‌ಮಸ್ ಸೇರಿದಂತೆ ವಿವಿಧ ಕಾರ್ಯಕ್ರಮಗಳು ಊರಿನ ಜನರಿಗೆ ಪರಿಚಿತವಾದ ಸಾಮಾಜಿಕ ಕಾರ್ಯಕ್ರಮಗಳು ನಡೆಯುತ್ತಿದ್ದವು.

Printed by: H.S.PARAMESH, SRI LAKSHMINARASIMHA OFFSET PRINTERS, 7TH CROSS, SRIRAMANAGARA, TUMAKURU, TUMAKURU DIST., KARNATAKA PIN-572101

Published by RADHIKA A.R., D/O RAMAKRISHNAIAH, BEHAIND AC OFFICE, SWEET WATER BOREWELL ROAD, MADHUGIRI, MADHUGIRI TALUK, TUMAKURU DIST. KARNATAKA

PIN-572132 owned by RADHIKA A.R., D/O RAMAKRISHNAIAH, BEHAIND AC OFFICE, SWEET WATER BOREWELL ROAD, MADHUGIRI, MADHUGIRI TALUK, TUMAKURU DIST.

KARNATAKA PIN-572132 Printed at SRI LAKSHMINARASIMHA OFFSET PRINTERS, 7TH CROSS, SRIRAMANAGARA, TUMAKURU, TUMAKURU DIST., KARNATAKA PIN-572101 and

published at TUMAKURU . BEHAIND AC OFFICE, SWEET WATER BOREWELL ROAD, MADHUGIRI, MADHUGIRI TALUK, TUMAKURU DIST. KARNATAKA PIN-572132

Editor: RADHIKA A.R. “KARNATAKA SUCCESS NO 1” KANNADA Daily News Paper
